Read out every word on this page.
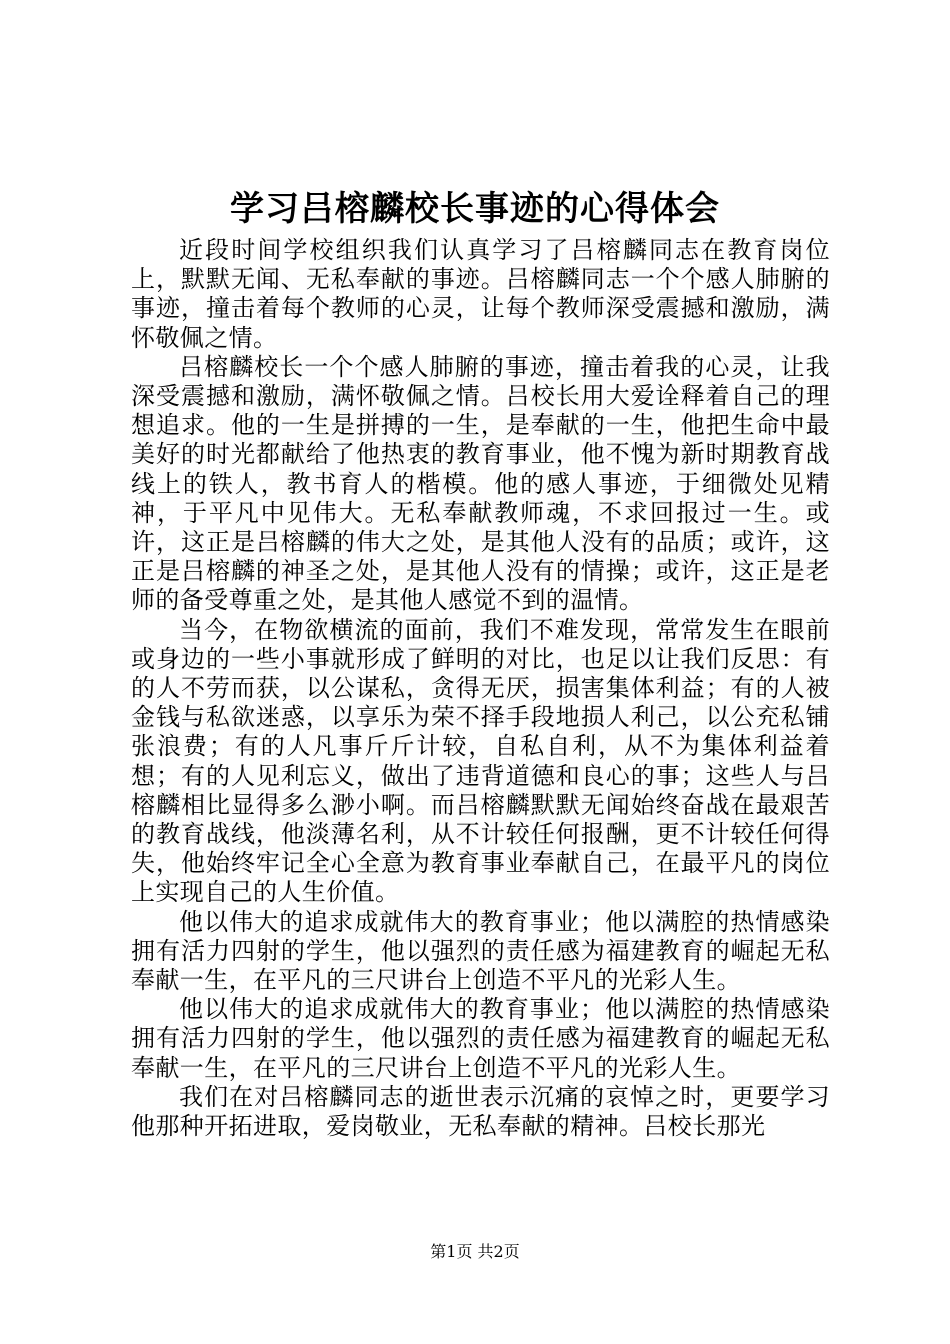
学习吕榕麟校长事迹的心得体会

近段时间学校组织我们认真学习了吕榕麟同志在教育岗位上，默默无闻、无私奉献的事迹。吕榕麟同志一个个感人肺腑的事迹，撞击着每个教师的心灵，让每个教师深受震撼和激励，满怀敬佩之情。

吕榕麟校长一个个感人肺腑的事迹，撞击着我的心灵，让我深受震撼和激励，满怀敬佩之情。吕校长用大爱诠释着自己的理想追求。他的一生是拼搏的一生，是奉献的一生，他把生命中最美好的时光都献给了他热衷的教育事业，他不愧为新时期教育战线上的铁人，教书育人的楷模。他的感人事迹，于细微处见精神，于平凡中见伟大。无私奉献教师魂，不求回报过一生。或许，这正是吕榕麟的伟大之处，是其他人没有的品质；或许，这正是吕榕麟的神圣之处，是其他人没有的情操；或许，这正是老师的备受尊重之处，是其他人感觉不到的温情。

当今，在物欲横流的面前，我们不难发现，常常发生在眼前或身边的一些小事就形成了鲜明的对比，也足以让我们反思：有的人不劳而获，以公谋私，贪得无厌，损害集体利益；有的人被金钱与私欲迷惑，以享乐为荣不择手段地损人利己，以公充私铺张浪费；有的人凡事斤斤计较，自私自利，从不为集体利益着想；有的人见利忘义，做出了违背道德和良心的事；这些人与吕榕麟相比显得多么渺小啊。而吕榕麟默默无闻始终奋战在最艰苦的教育战线，他淡薄名利，从不计较任何报酬，更不计较任何得失，他始终牢记全心全意为教育事业奉献自己，在最平凡的岗位上实现自己的人生价值。

他以伟大的追求成就伟大的教育事业；他以满腔的热情感染拥有活力四射的学生，他以强烈的责任感为福建教育的崛起无私奉献一生，在平凡的三尺讲台上创造不平凡的光彩人生。

他以伟大的追求成就伟大的教育事业；他以满腔的热情感染拥有活力四射的学生，他以强烈的责任感为福建教育的崛起无私奉献一生，在平凡的三尺讲台上创造不平凡的光彩人生。

我们在对吕榕麟同志的逝世表示沉痛的哀悼之时，更要学习他那种开拓进取，爱岗敬业，无私奉献的精神。吕校长那光

第1页 共2页
